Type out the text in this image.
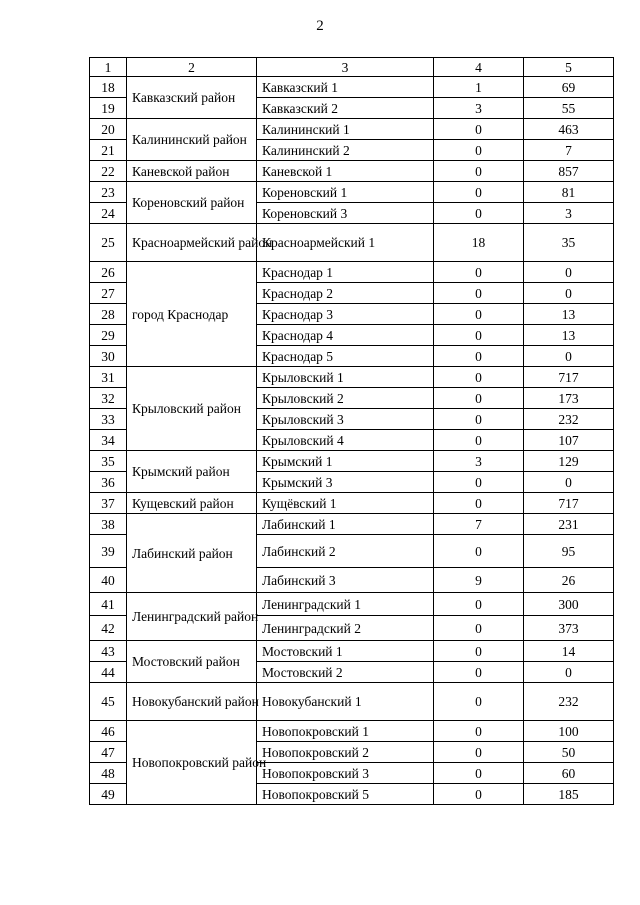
2
1	2	3	4	5
18	Кавказский район	Кавказский 1	1	69
19		Кавказский 2	3	55
20	Калининский район	Калининский 1	0	463
21		Калининский 2	0	7
22	Каневской район	Каневской 1	0	857
23	Кореновский район	Кореновский 1	0	81
24		Кореновский 3	0	3
25	Красноармейский район	Красноармейский 1	18	35
26	город Краснодар	Краснодар 1	0	0
27		Краснодар 2	0	0
28		Краснодар 3	0	13
29		Краснодар 4	0	13
30		Краснодар 5	0	0
31	Крыловский район	Крыловский 1	0	717
32		Крыловский 2	0	173
33		Крыловский 3	0	232
34		Крыловский 4	0	107
35	Крымский район	Крымский 1	3	129
36		Крымский 3	0	0
37	Кущевский район	Кущёвский 1	0	717
38	Лабинский район	Лабинский 1	7	231
39		Лабинский 2	0	95
40		Лабинский 3	9	26
41	Ленинградский район	Ленинградский 1	0	300
42		Ленинградский 2	0	373
43	Мостовский район	Мостовский 1	0	14
44		Мостовский 2	0	0
45	Новокубанский район	Новокубанский 1	0	232
46	Новопокровский район	Новопокровский 1	0	100
47		Новопокровский 2	0	50
48		Новопокровский 3	0	60
49		Новопокровский 5	0	185
